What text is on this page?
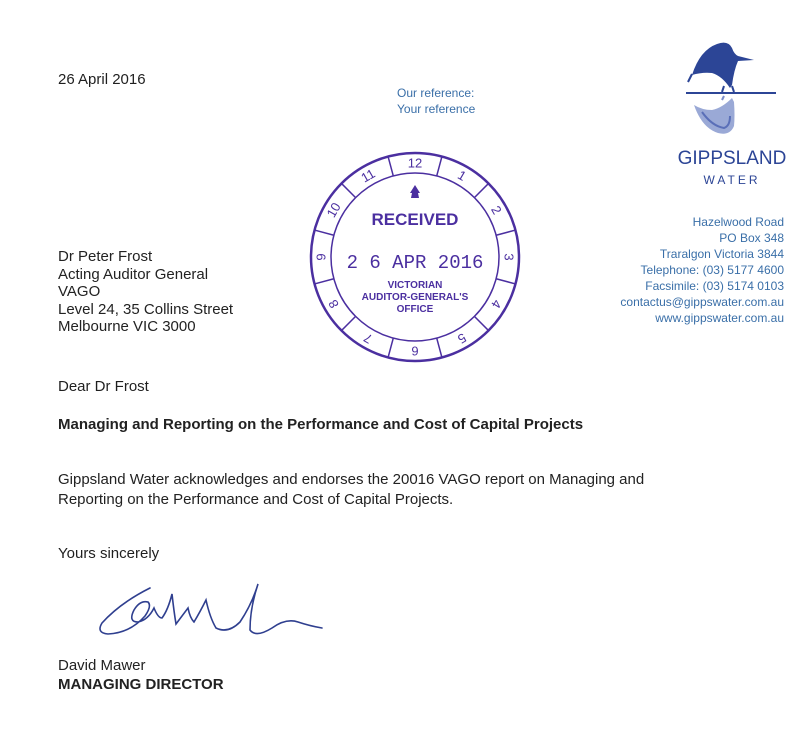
26 April 2016
Our reference:
Your reference
GIPPSLAND
WATER
Hazelwood Road
PO Box 348
Traralgon Victoria 3844
Telephone: (03) 5177 4600
Facsimile: (03) 5174 0103
contactus@gippswater.com.au
www.gippswater.com.au
Dr Peter Frost
Acting Auditor General
VAGO
Level 24, 35 Collins Street
Melbourne VIC 3000
12
1
2
3
4
5
6
7
8
9
10
11
RECEIVED
2 6 APR 2016
VICTORIAN
AUDITOR-GENERAL'S
OFFICE
Dear Dr Frost
Managing and Reporting on the Performance and Cost of Capital Projects
Gippsland Water acknowledges and endorses the 20016 VAGO report on Managing and Reporting on the Performance and Cost of Capital Projects.
Yours sincerely
David Mawer
MANAGING DIRECTOR
